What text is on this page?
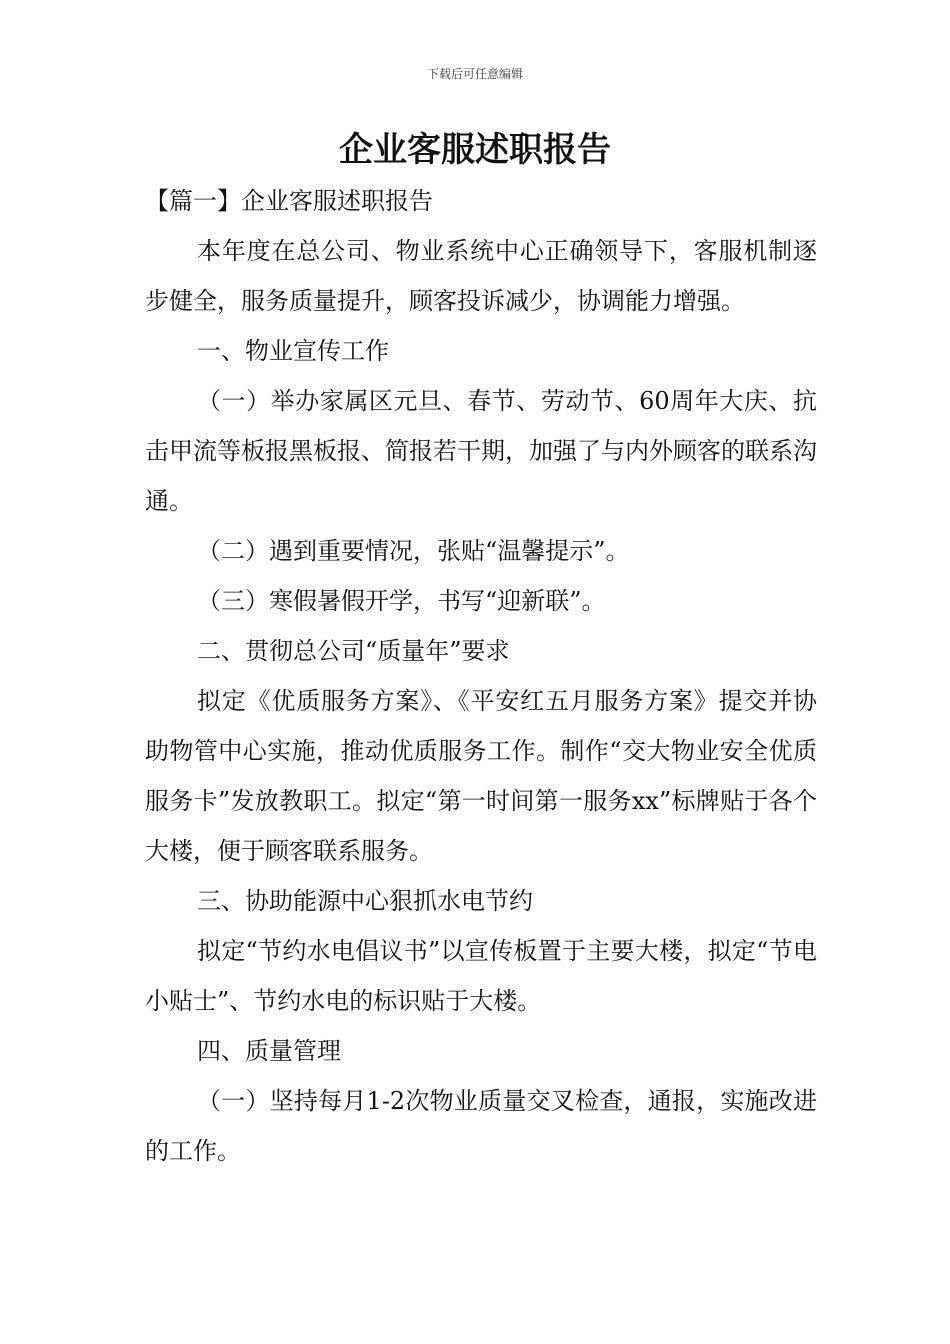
下载后可任意编辑
企业客服述职报告

【篇一】企业客服述职报告

本年度在总公司、物业系统中心正确领导下，客服机制逐步健全，服务质量提升，顾客投诉减少，协调能力增强。

一、物业宣传工作

（一）举办家属区元旦、春节、劳动节、60周年大庆、抗击甲流等板报黑板报、简报若干期，加强了与内外顾客的联系沟通。

（二）遇到重要情况，张贴“温馨提示”。

（三）寒假暑假开学，书写“迎新联”。

二、贯彻总公司“质量年”要求

拟定《优质服务方案》、《平安红五月服务方案》提交并协助物管中心实施，推动优质服务工作。制作“交大物业安全优质服务卡”发放教职工。拟定“第一时间第一服务xx”标牌贴于各个大楼，便于顾客联系服务。

三、协助能源中心狠抓水电节约

拟定“节约水电倡议书”以宣传板置于主要大楼，拟定“节电小贴士”、节约水电的标识贴于大楼。

四、质量管理

（一）坚持每月1-2次物业质量交叉检查，通报，实施改进的工作。
